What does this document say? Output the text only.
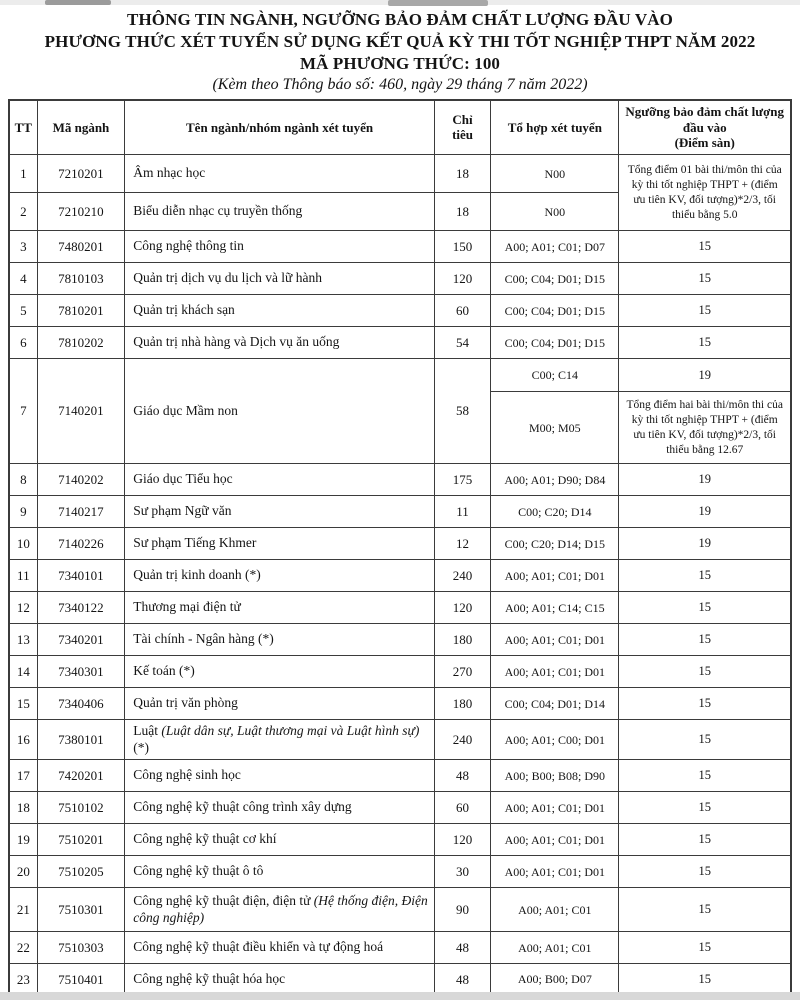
THÔNG TIN NGÀNH, NGƯỠNG BẢO ĐẢM CHẤT LƯỢNG ĐẦU VÀO
PHƯƠNG THỨC XÉT TUYỂN SỬ DỤNG KẾT QUẢ KỲ THI TỐT NGHIỆP THPT NĂM 2022
MÃ PHƯƠNG THỨC: 100
(Kèm theo Thông báo số: 460, ngày 29 tháng 7 năm 2022)
TT	Mã ngành	Tên ngành/nhóm ngành xét tuyển	Chỉ tiêu	Tổ hợp xét tuyển	Ngưỡng bảo đảm chất lượng đầu vào
(Điểm sàn)

1	7210201	Âm nhạc học	18	N00	Tổng điểm 01 bài thi/môn thi của kỳ thi tốt nghiệp THPT + (điểm ưu tiên KV, đối tượng)*2/3, tối thiểu bằng 5.0
2	7210210	Biểu diễn nhạc cụ truyền thống	18	N00	
3	7480201	Công nghệ thông tin	150	A00; A01; C01; D07	15
4	7810103	Quản trị dịch vụ du lịch và lữ hành	120	C00; C04; D01; D15	15
5	7810201	Quản trị khách sạn	60	C00; C04; D01; D15	15
6	7810202	Quản trị nhà hàng và Dịch vụ ăn uống	54	C00; C04; D01; D15	15
7	7140201	Giáo dục Mầm non	58	C00; C14	19
				M00; M05	Tổng điểm hai bài thi/môn thi của kỳ thi tốt nghiệp THPT + (điểm ưu tiên KV, đối tượng)*2/3, tối thiểu bằng 12.67
8	7140202	Giáo dục Tiểu học	175	A00; A01; D90; D84	19
9	7140217	Sư phạm Ngữ văn	11	C00; C20; D14	19
10	7140226	Sư phạm Tiếng Khmer	12	C00; C20; D14; D15	19
11	7340101	Quản trị kinh doanh (*)	240	A00; A01; C01; D01	15
12	7340122	Thương mại điện tử	120	A00; A01; C14; C15	15
13	7340201	Tài chính - Ngân hàng (*)	180	A00; A01; C01; D01	15
14	7340301	Kế toán (*)	270	A00; A01; C01; D01	15
15	7340406	Quản trị văn phòng	180	C00; C04; D01; D14	15
16	7380101	Luật (Luật dân sự, Luật thương mại và Luật hình sự) (*)	240	A00; A01; C00; D01	15
17	7420201	Công nghệ sinh học	48	A00; B00; B08; D90	15
18	7510102	Công nghệ kỹ thuật công trình xây dựng	60	A00; A01; C01; D01	15
19	7510201	Công nghệ kỹ thuật cơ khí	120	A00; A01; C01; D01	15
20	7510205	Công nghệ kỹ thuật ô tô	30	A00; A01; C01; D01	15
21	7510301	Công nghệ kỹ thuật điện, điện tử (Hệ thống điện, Điện công nghiệp)	90	A00; A01; C01	15
22	7510303	Công nghệ kỹ thuật điều khiển và tự động hoá	48	A00; A01; C01	15
23	7510401	Công nghệ kỹ thuật hóa học	48	A00; B00; D07	15
